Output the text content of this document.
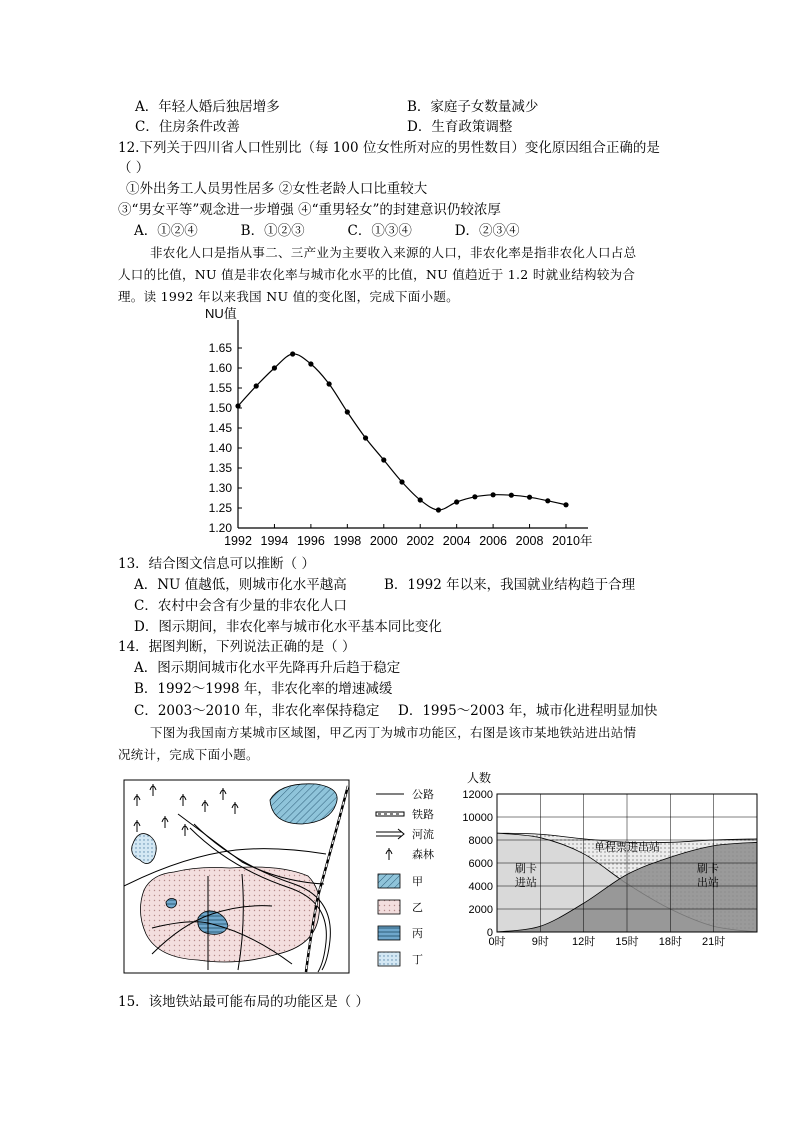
A．年轻人婚后独居增多	B．家庭子女数量减少
C．住房条件改善	D．生育政策调整
12.下列关于四川省人口性别比（每 100 位女性所对应的男性数目）变化原因组合正确的是
（ ）
①外出务工人员男性居多 ②女性老龄人口比重较大
③“男女平等”观念进一步增强 ④“重男轻女”的封建意识仍较浓厚
A．①②④          B．①②③          C．①③④          D．②③④
非农化人口是指从事二、三产业为主要收入来源的人口，非农化率是指非农化人口占总
人口的比值，NU 值是非农化率与城市化水平的比值，NU 值趋近于 1.2 时就业结构较为合
理。读 1992 年以来我国 NU 值的变化图，完成下面小题。
NU值
1.20
1.25
1.30
1.35
1.40
1.45
1.50
1.55
1.60
1.65
1992 1994 1996 1998 2000 2002 2004 2006 2008 2010 年
13．结合图文信息可以推断（ ）
A．NU 值越低，则城市化水平越高	B．1992 年以来，我国就业结构趋于合理
C．农村中会含有少量的非农化人口
D．图示期间，非农化率与城市化水平基本同比变化
14．据图判断，下列说法正确的是（ ）
A．图示期间城市化水平先降再升后趋于稳定
B．1992～1998 年，非农化率的增速减缓
C．2003～2010 年，非农化率保持稳定 D．1995～2003 年，城市化进程明显加快
下图为我国南方某城市区域图，甲乙丙丁为城市功能区，右图是该市某地铁站进出站情
况统计，完成下面小题。
公路
铁路
河流
森林
甲
乙
丙
丁
人数
0
2000
4000
6000
8000
10000
12000
0时 9时 12时 15时 18时 21时
单程票进出站
刷卡
进站
刷卡
出站
15．该地铁站最可能布局的功能区是（ ）
